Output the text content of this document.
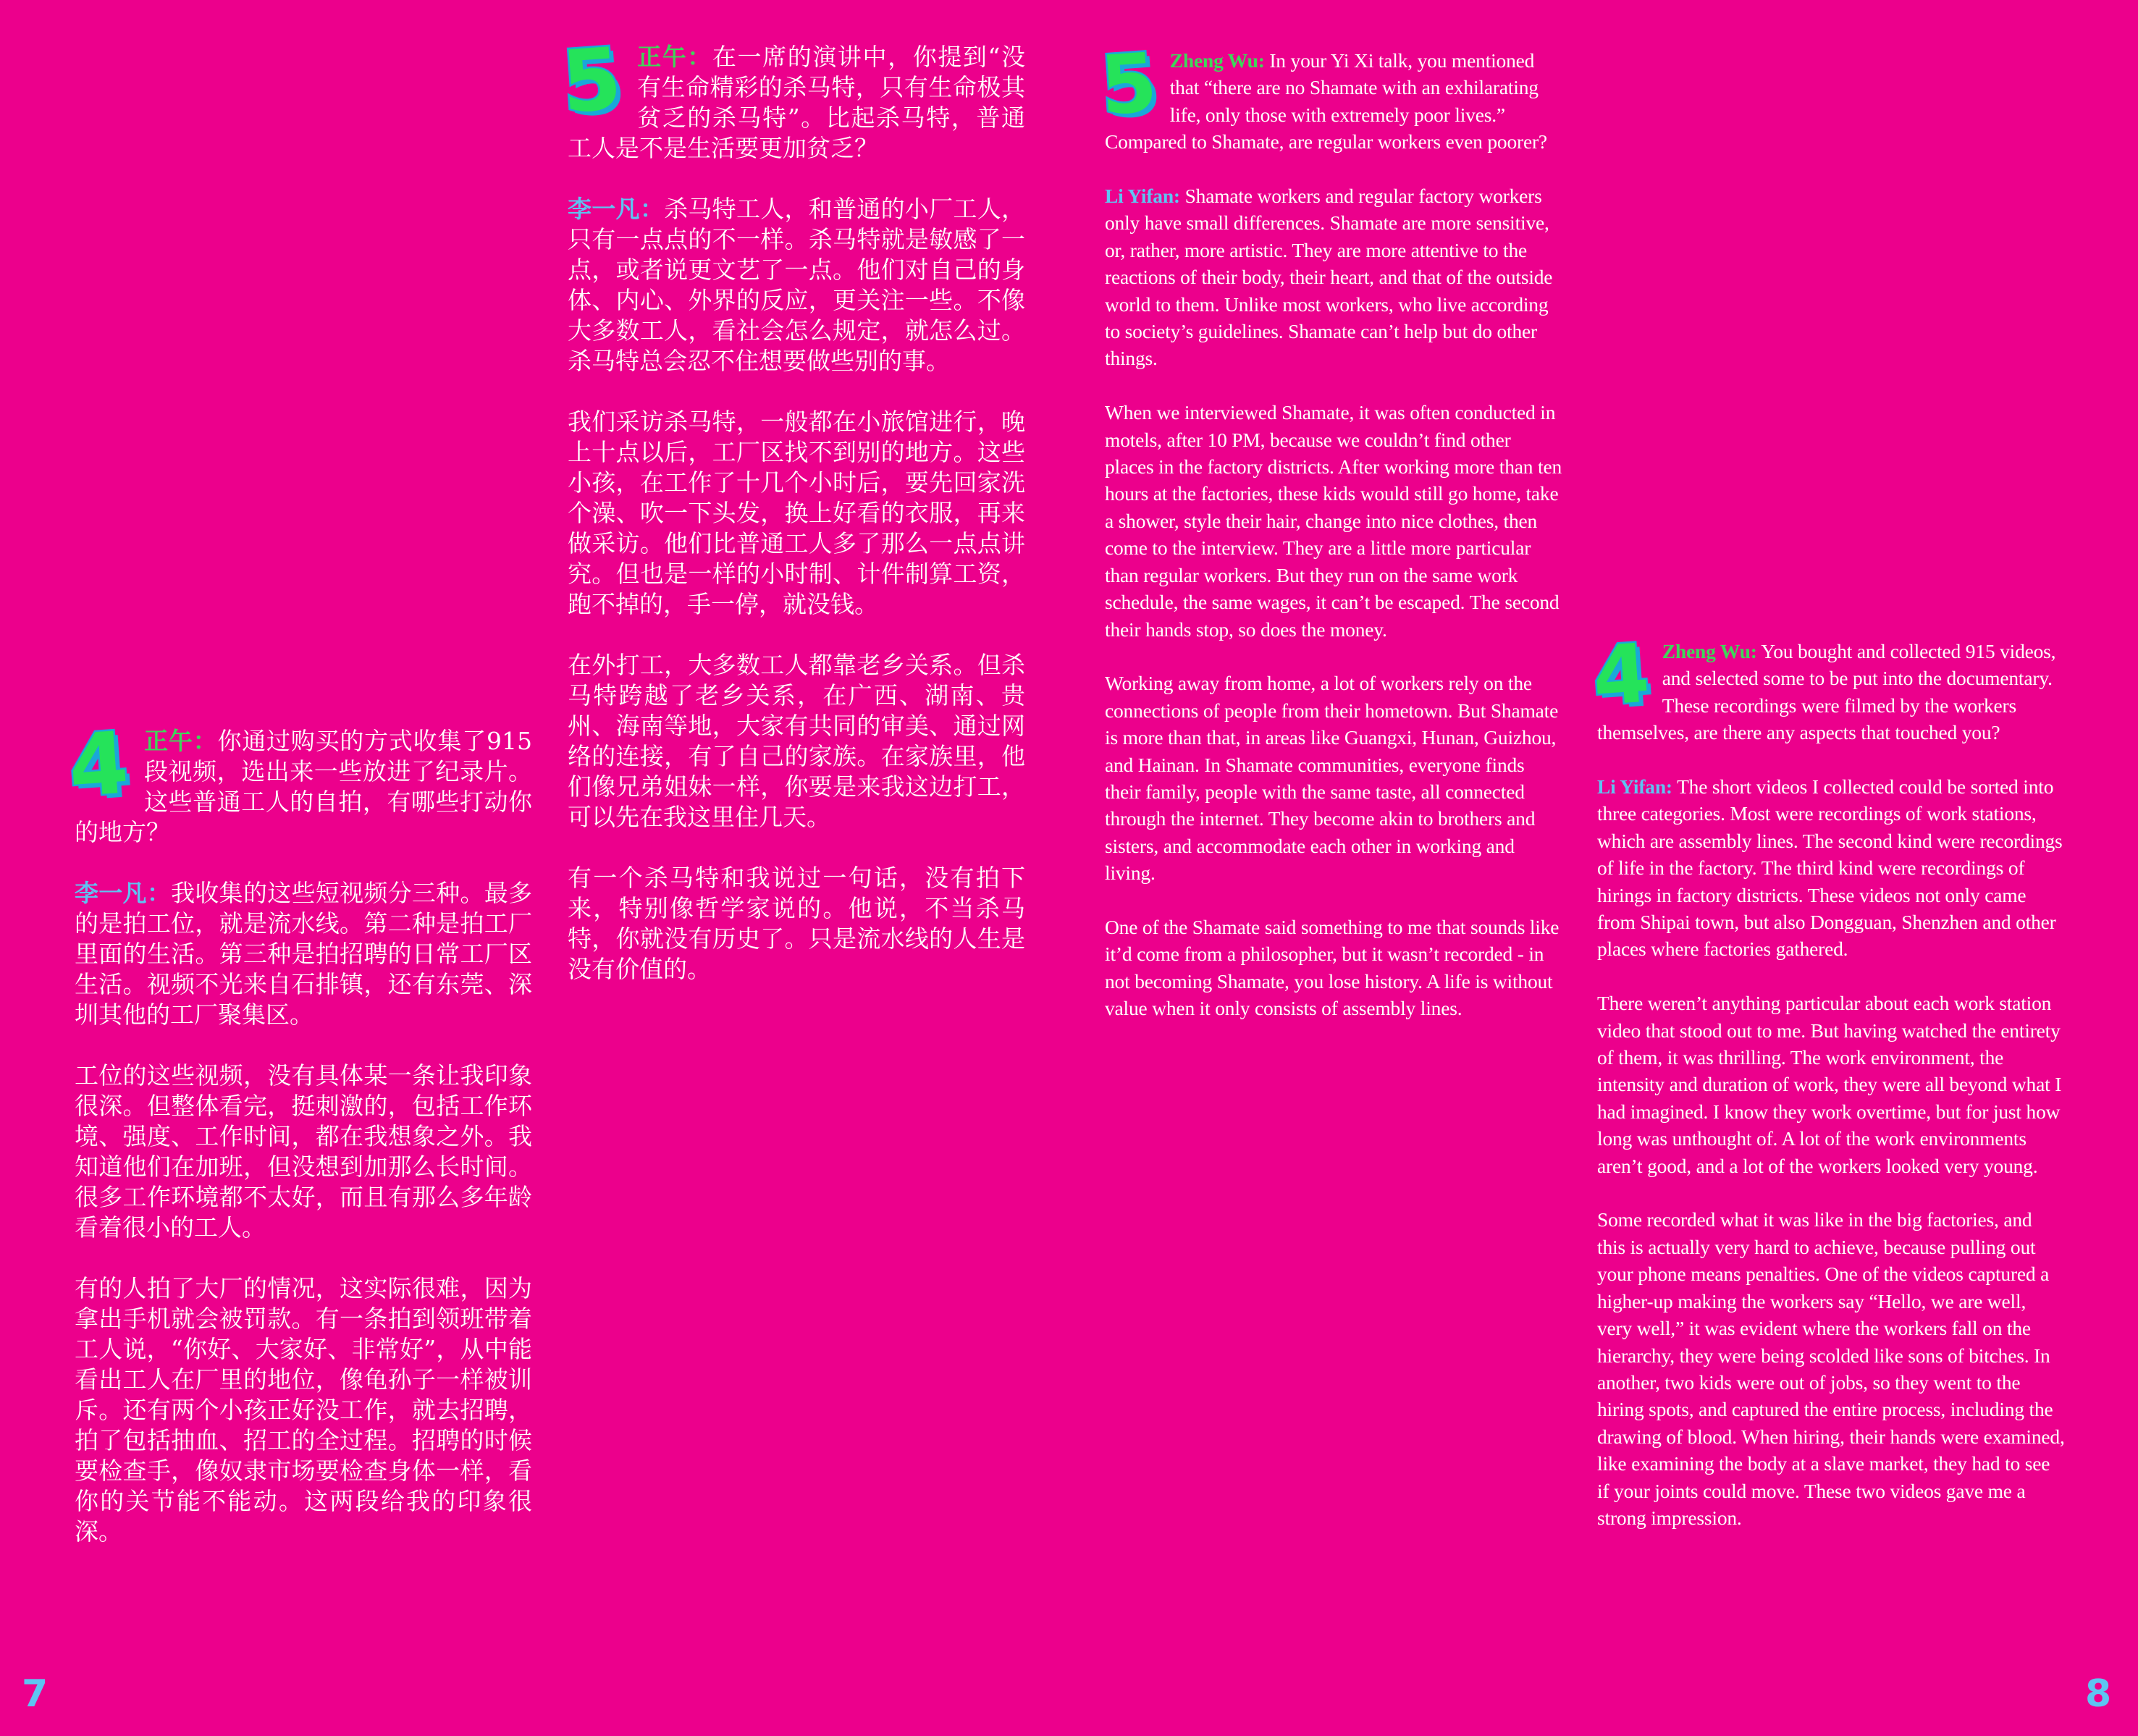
4 正午：你通过购买的方式收集了915段视频，选出来一些放进了纪录片。这些普通工人的自拍，有哪些打动你的地方？

李一凡：我收集的这些短视频分三种。最多的是拍工位，就是流水线。第二种是拍工厂里面的生活。第三种是拍招聘的日常工厂区生活。视频不光来自石排镇，还有东莞、深圳其他的工厂聚集区。

工位的这些视频，没有具体某一条让我印象很深。但整体看完，挺刺激的，包括工作环境、强度、工作时间，都在我想象之外。我知道他们在加班，但没想到加那么长时间。很多工作环境都不太好，而且有那么多年龄看着很小的工人。

有的人拍了大厂的情况，这实际很难，因为拿出手机就会被罚款。有一条拍到领班带着工人说，“你好、大家好、非常好”，从中能看出工人在厂里的地位，像龟孙子一样被训斥。还有两个小孩正好没工作，就去招聘，拍了包括抽血、招工的全过程。招聘的时候要检查手，像奴隶市场要检查身体一样，看你的关节能不能动。这两段给我的印象很深。

5 正午：在一席的演讲中，你提到“没有生命精彩的杀马特，只有生命极其贫乏的杀马特”。比起杀马特，普通工人是不是生活要更加贫乏？

李一凡：杀马特工人，和普通的小厂工人，只有一点点的不一样。杀马特就是敏感了一点，或者说更文艺了一点。他们对自己的身体、内心、外界的反应，更关注一些。不像大多数工人，看社会怎么规定，就怎么过。杀马特总会忍不住想要做些别的事。

我们采访杀马特，一般都在小旅馆进行，晚上十点以后，工厂区找不到别的地方。这些小孩，在工作了十几个小时后，要先回家洗个澡、吹一下头发，换上好看的衣服，再来做采访。他们比普通工人多了那么一点点讲究。但也是一样的小时制、计件制算工资，跑不掉的，手一停，就没钱。

在外打工，大多数工人都靠老乡关系。但杀马特跨越了老乡关系，在广西、湖南、贵州、海南等地，大家有共同的审美、通过网络的连接，有了自己的家族。在家族里，他们像兄弟姐妹一样，你要是来我这边打工，可以先在我这里住几天。

有一个杀马特和我说过一句话，没有拍下来，特别像哲学家说的。他说，不当杀马特，你就没有历史了。只是流水线的人生是没有价值的。

5 Zheng Wu: In your Yi Xi talk, you mentioned that “there are no Shamate with an exhilarating life, only those with extremely poor lives.” Compared to Shamate, are regular workers even poorer?

Li Yifan: Shamate workers and regular factory workers only have small differences. Shamate are more sensitive, or, rather, more artistic. They are more attentive to the reactions of their body, their heart, and that of the outside world to them. Unlike most workers, who live according to society’s guidelines. Shamate can’t help but do other things.

When we interviewed Shamate, it was often conducted in motels, after 10 PM, because we couldn’t find other places in the factory districts. After working more than ten hours at the factories, these kids would still go home, take a shower, style their hair, change into nice clothes, then come to the interview. They are a little more particular than regular workers. But they run on the same work schedule, the same wages, it can’t be escaped. The second their hands stop, so does the money.

Working away from home, a lot of workers rely on the connections of people from their hometown. But Shamate is more than that, in areas like Guangxi, Hunan, Guizhou, and Hainan. In Shamate communities, everyone finds their family, people with the same taste, all connected through the internet. They become akin to brothers and sisters, and accommodate each other in working and living.

One of the Shamate said something to me that sounds like it’d come from a philosopher, but it wasn’t recorded - in not becoming Shamate, you lose history. A life is without value when it only consists of assembly lines.

4 Zheng Wu: You bought and collected 915 videos, and selected some to be put into the documentary. These recordings were filmed by the workers themselves, are there any aspects that touched you?

Li Yifan: The short videos I collected could be sorted into three categories. Most were recordings of work stations, which are assembly lines. The second kind were recordings of life in the factory. The third kind were recordings of hirings in factory districts. These videos not only came from Shipai town, but also Dongguan, Shenzhen and other places where factories gathered.

There weren’t anything particular about each work station video that stood out to me. But having watched the entirety of them, it was thrilling. The work environment, the intensity and duration of work, they were all beyond what I had imagined. I know they work overtime, but for just how long was unthought of. A lot of the work environments aren’t good, and a lot of the workers looked very young.

Some recorded what it was like in the big factories, and this is actually very hard to achieve, because pulling out your phone means penalties. One of the videos captured a higher-up making the workers say “Hello, we are well, very well,” it was evident where the workers fall on the hierarchy, they were being scolded like sons of bitches. In another, two kids were out of jobs, so they went to the hiring spots, and captured the entire process, including the drawing of blood. When hiring, their hands were examined, like examining the body at a slave market, they had to see if your joints could move. These two videos gave me a strong impression.

7	8
